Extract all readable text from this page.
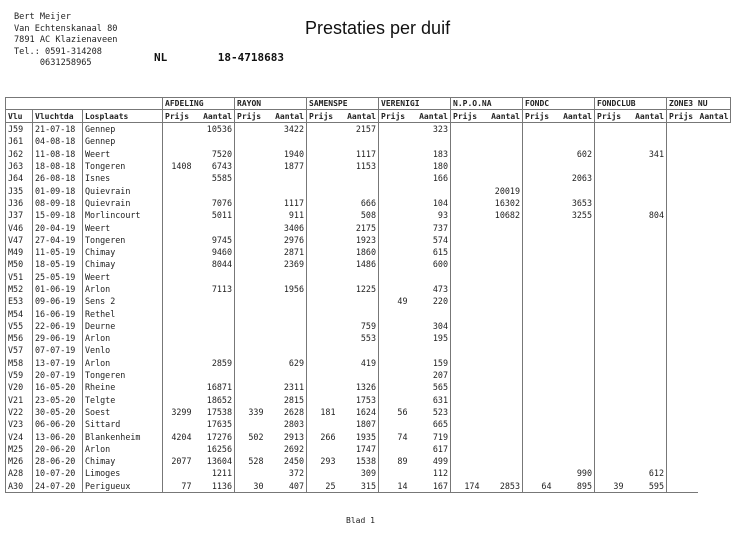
Bert Meijer
Van Echtenskanaal 80
7891 AC Klazienaveen
Tel.: 0591-314208
0631258965
Prestaties per duif
NL	18-4718683
			AFDELING		RAYON		SAMENSPE		VERENIGI		N.P.O.NA		FONDC		FONDCLUB		ZONE3 NU	
Vlu	Vluchtda	Losplaats	Prijs	Aantal	Prijs	Aantal	Prijs	Aantal	Prijs	Aantal	Prijs	Aantal	Prijs	Aantal	Prijs	Aantal	Prijs	Aantal
J59	21-07-18	Gennep		10536		3422		2157		323								
J61	04-08-18	Gennep																
J62	11-08-18	Weert		7520		1940		1117		183				602		341		
J63	18-08-18	Tongeren	1408	6743		1877		1153		180								
J64	26-08-18	Isnes		5585						166				2063				
J35	01-09-18	Quievrain										20019						
J36	08-09-18	Quievrain		7076		1117		666		104		16302		3653				
J37	15-09-18	Morlincourt		5011		911		508		93		10682		3255		804		
V46	20-04-19	Weert				3406		2175		737								
V47	27-04-19	Tongeren		9745		2976		1923		574								
M49	11-05-19	Chimay		9460		2871		1860		615								
M50	18-05-19	Chimay		8044		2369		1486		600								
V51	25-05-19	Weert																
M52	01-06-19	Arlon		7113		1956		1225		473								
E53	09-06-19	Sens 2							49	220								
M54	16-06-19	Rethel																
V55	22-06-19	Deurne						759		304								
M56	29-06-19	Arlon						553		195								
V57	07-07-19	Venlo																
M58	13-07-19	Arlon		2859		629		419		159								
V59	20-07-19	Tongeren								207								
V20	16-05-20	Rheine		16871		2311		1326		565								
V21	23-05-20	Telgte		18652		2815		1753		631								
V22	30-05-20	Soest	3299	17538	339	2628	181	1624	56	523								
V23	06-06-20	Sittard		17635		2803		1807		665								
V24	13-06-20	Blankenheim	4204	17276	502	2913	266	1935	74	719								
M25	20-06-20	Arlon		16256		2692		1747		617								
M26	28-06-20	Chimay	2077	13604	528	2450	293	1538	89	499								
A28	10-07-20	Limoges		1211		372		309		112				990		612		
A30	24-07-20	Perigueux	77	1136	30	407	25	315	14	167	174	2853	64	895	39	595		
Blad 1
